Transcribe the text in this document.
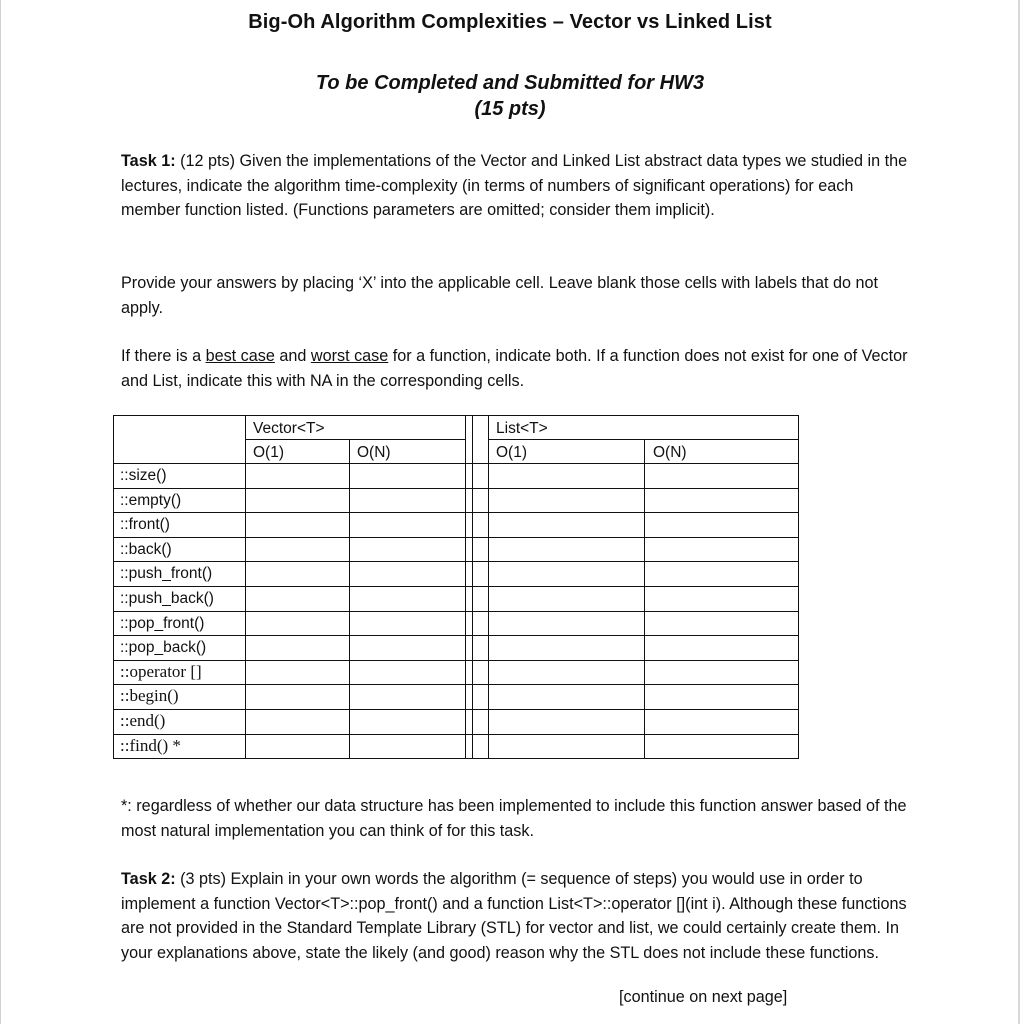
Big-Oh Algorithm Complexities – Vector vs Linked List
To be Completed and Submitted for HW3
(15 pts)
Task 1: (12 pts) Given the implementations of the Vector and Linked List abstract data types we studied in the lectures, indicate the algorithm time-complexity (in terms of numbers of significant operations) for each member function listed. (Functions parameters are omitted; consider them implicit).
Provide your answers by placing ‘X’ into the applicable cell. Leave blank those cells with labels that do not apply.
If there is a best case and worst case for a function, indicate both. If a function does not exist for one of Vector and List, indicate this with NA in the corresponding cells.
Vector<T>	List<T>
O(1)	O(N)	O(1)	O(N)
::size()
::empty()
::front()
::back()
::push_front()
::push_back()
::pop_front()
::pop_back()
::operator []
::begin()
::end()
::find() *
*: regardless of whether our data structure has been implemented to include this function answer based of the most natural implementation you can think of for this task.
Task 2: (3 pts) Explain in your own words the algorithm (= sequence of steps) you would use in order to implement a function Vector<T>::pop_front() and a function List<T>::operator [](int i). Although these functions are not provided in the Standard Template Library (STL) for vector and list, we could certainly create them. In your explanations above, state the likely (and good) reason why the STL does not include these functions.
[continue on next page]
